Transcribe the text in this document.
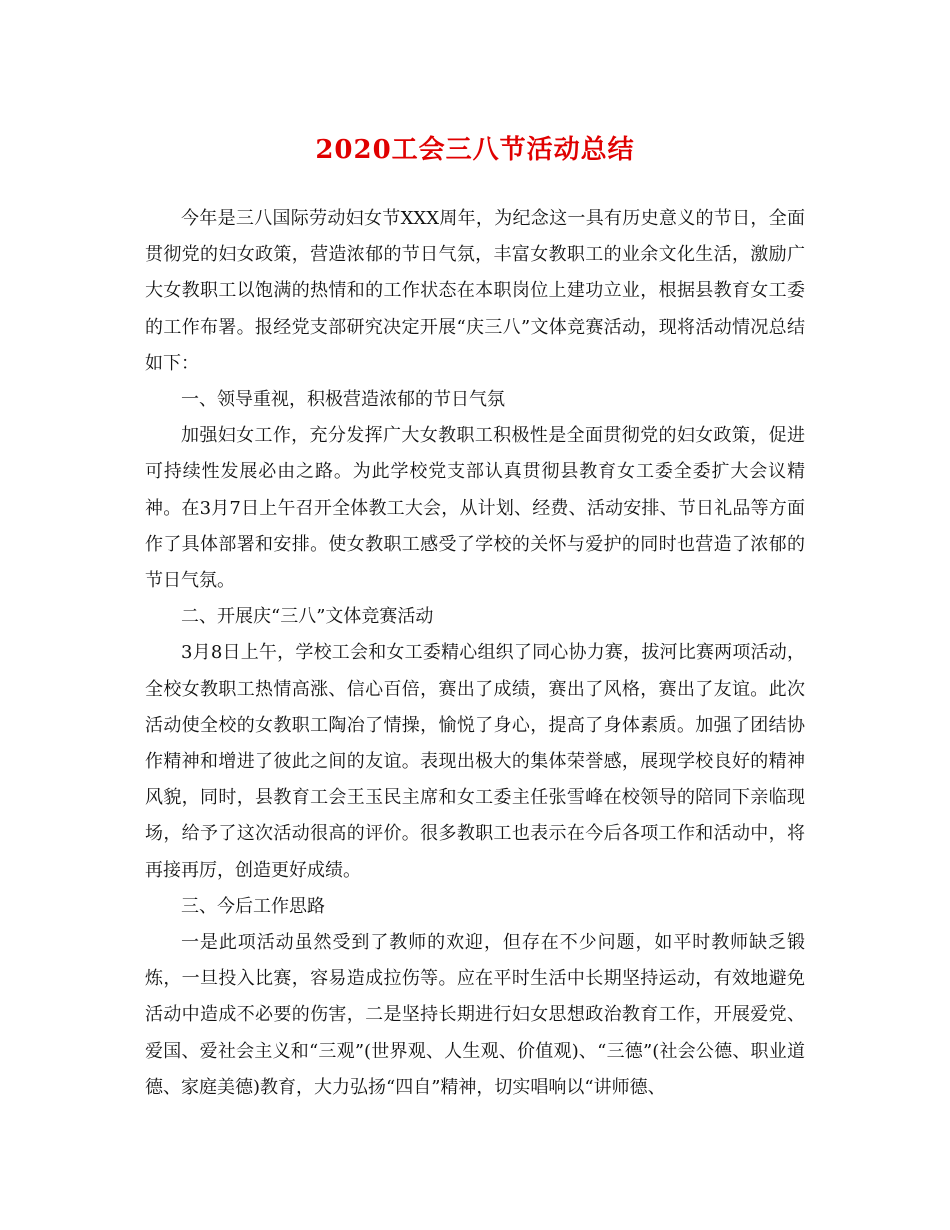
2020工会三八节活动总结

今年是三八国际劳动妇女节XXX周年，为纪念这一具有历史意义的节日，全面贯彻党的妇女政策，营造浓郁的节日气氛，丰富女教职工的业余文化生活，激励广大女教职工以饱满的热情和的工作状态在本职岗位上建功立业，根据县教育女工委的工作布署。报经党支部研究决定开展“庆三八”文体竞赛活动，现将活动情况总结如下：

一、领导重视，积极营造浓郁的节日气氛

加强妇女工作，充分发挥广大女教职工积极性是全面贯彻党的妇女政策，促进可持续性发展必由之路。为此学校党支部认真贯彻县教育女工委全委扩大会议精神。在3月7日上午召开全体教工大会，从计划、经费、活动安排、节日礼品等方面作了具体部署和安排。使女教职工感受了学校的关怀与爱护的同时也营造了浓郁的节日气氛。

二、开展庆“三八”文体竞赛活动

3月8日上午，学校工会和女工委精心组织了同心协力赛，拔河比赛两项活动，全校女教职工热情高涨、信心百倍，赛出了成绩，赛出了风格，赛出了友谊。此次活动使全校的女教职工陶冶了情操，愉悦了身心，提高了身体素质。加强了团结协作精神和增进了彼此之间的友谊。表现出极大的集体荣誉感，展现学校良好的精神风貌，同时，县教育工会王玉民主席和女工委主任张雪峰在校领导的陪同下亲临现场，给予了这次活动很高的评价。很多教职工也表示在今后各项工作和活动中，将再接再厉，创造更好成绩。

三、今后工作思路

一是此项活动虽然受到了教师的欢迎，但存在不少问题，如平时教师缺乏锻炼，一旦投入比赛，容易造成拉伤等。应在平时生活中长期坚持运动，有效地避免活动中造成不必要的伤害，二是坚持长期进行妇女思想政治教育工作，开展爱党、爱国、爱社会主义和“三观”(世界观、人生观、价值观)、“三德”(社会公德、职业道德、家庭美德)教育，大力弘扬“四自”精神，切实唱响以“讲师德、
